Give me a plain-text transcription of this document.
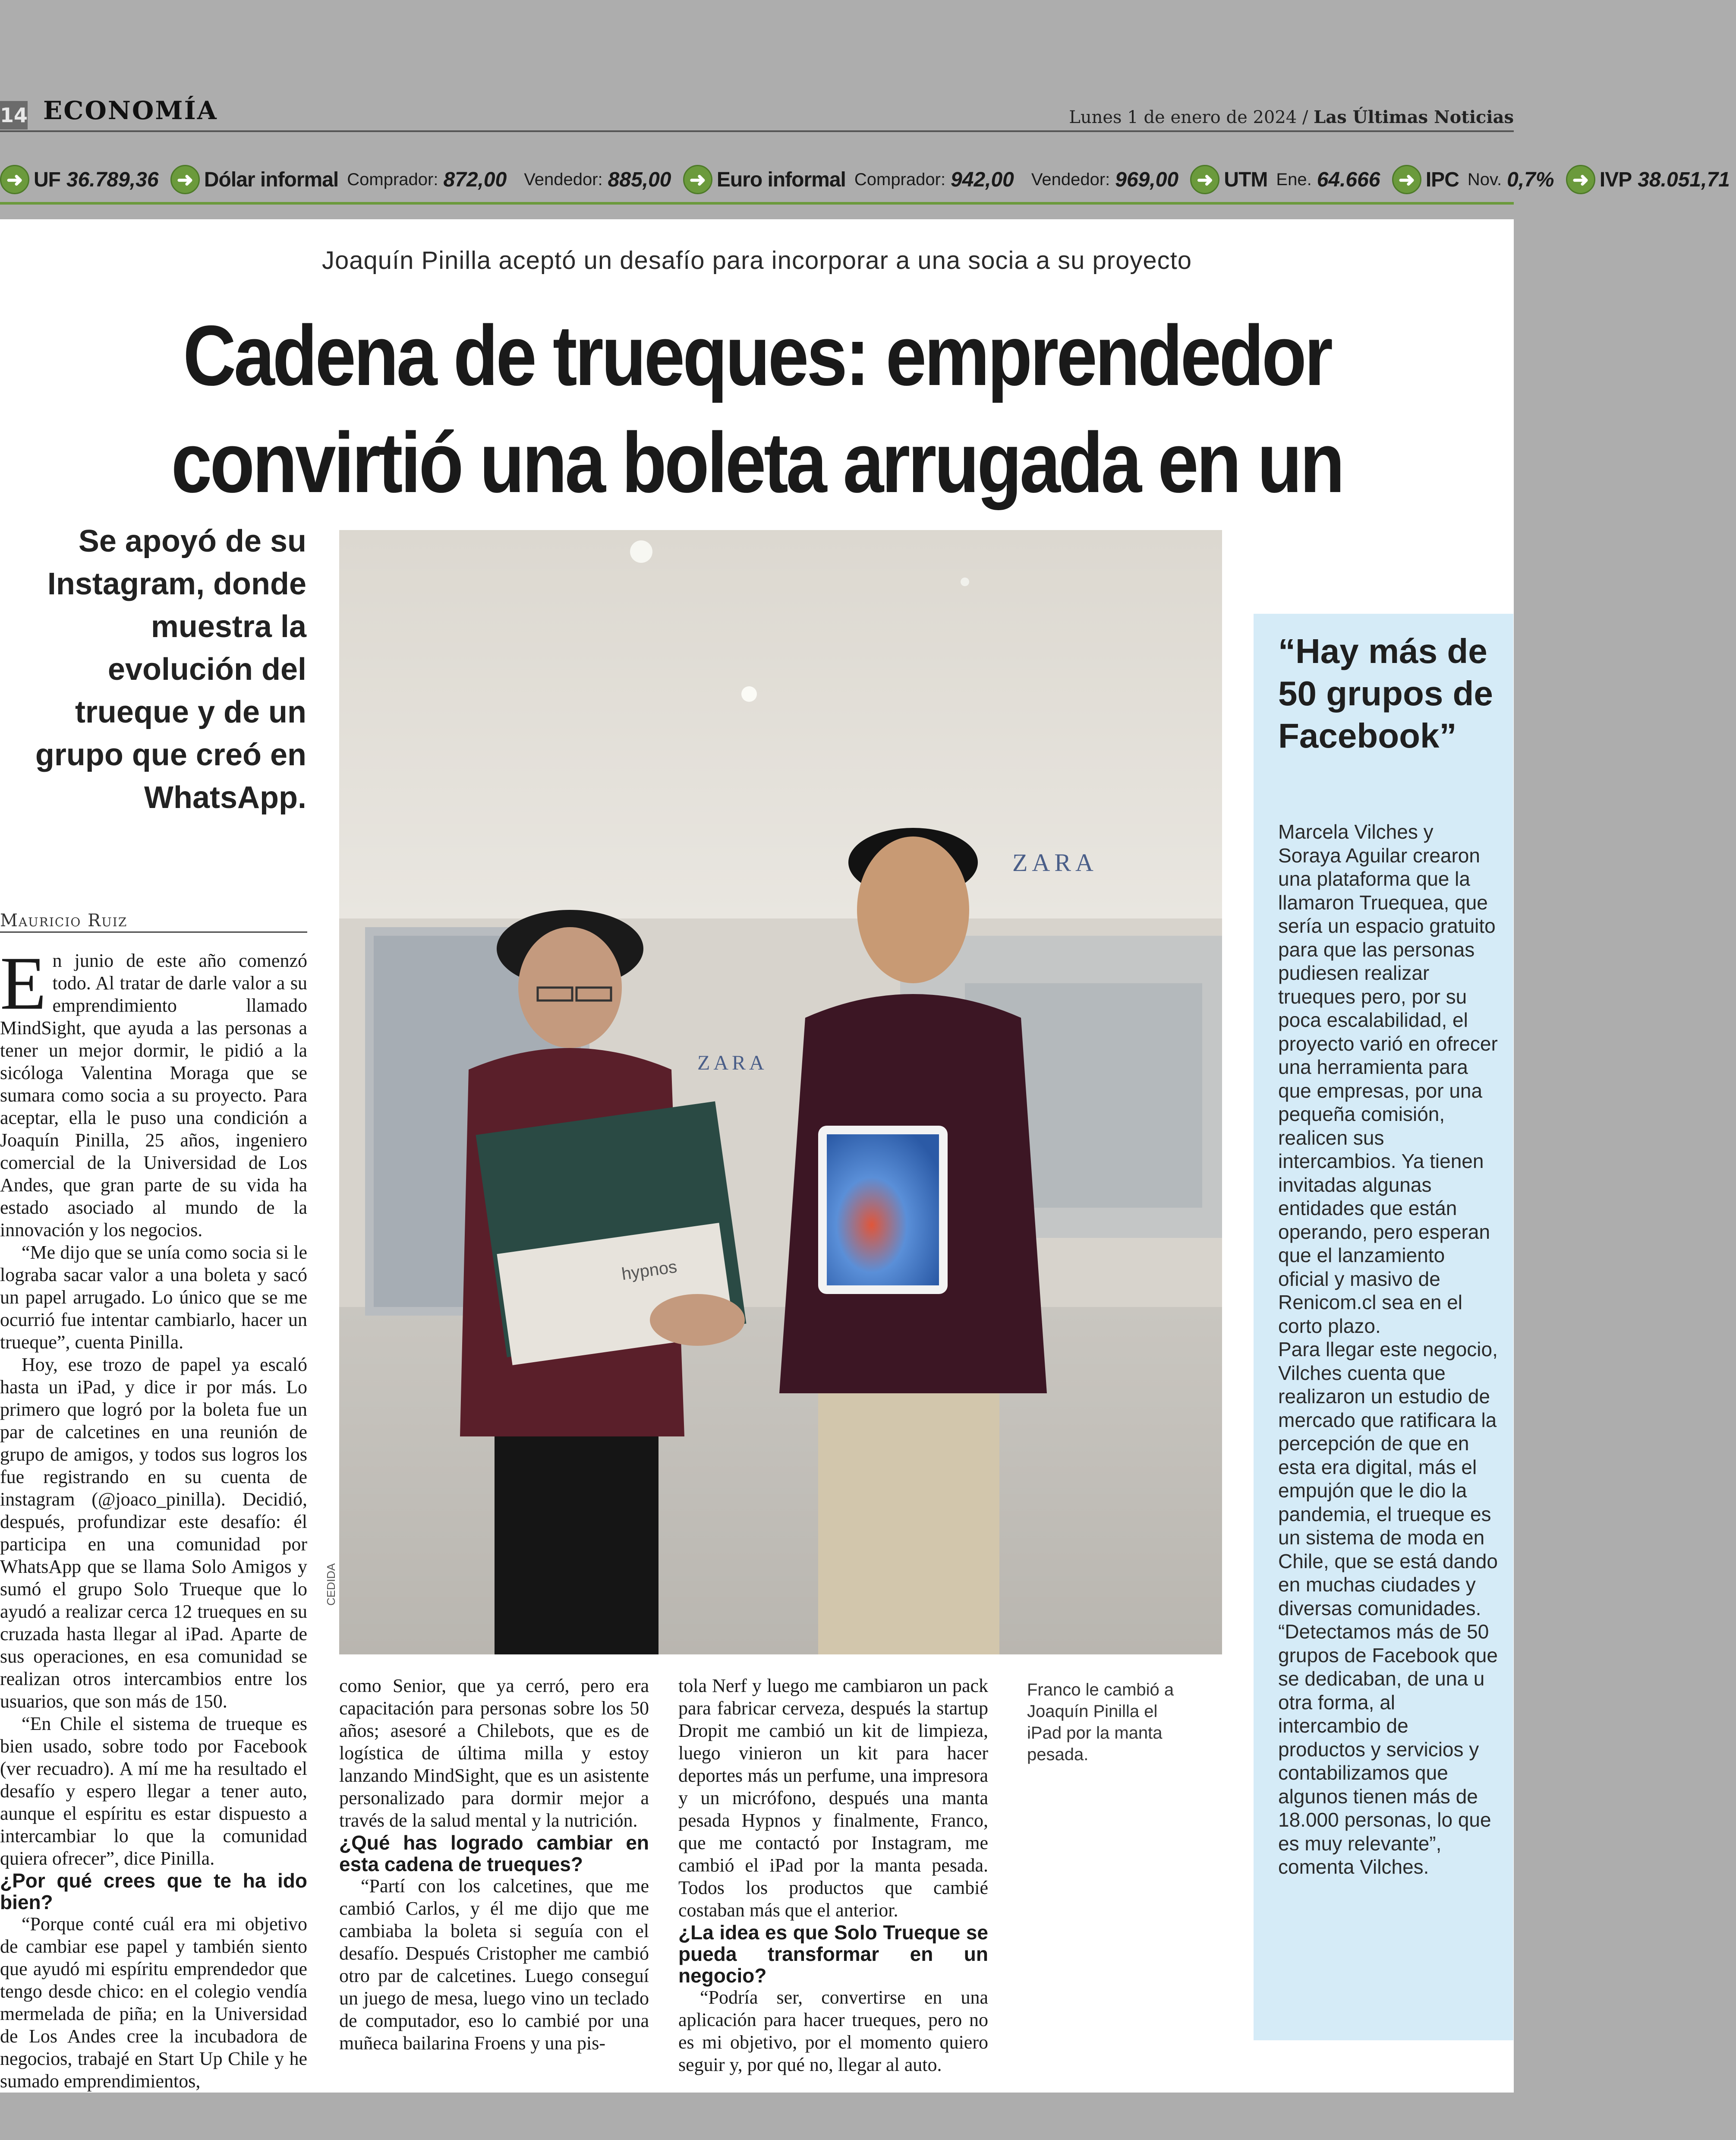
14 ECONOMÍA	Lunes 1 de enero de 2024 / Las Últimas Noticias
➜ UF 36.789,36
➜ Dólar informal Comprador: 872,00 Vendedor: 885,00
➜ Euro informal Comprador: 942,00 Vendedor: 969,00
➜ UTM Ene. 64.666
➜ IPC Nov. 0,7%
➜ IVP 38.051,71
Joaquín Pinilla aceptó un desafío para incorporar a una socia a su proyecto
Cadena de trueques: emprendedor
convirtió una boleta arrugada en un
Se apoyó de su Instagram, donde muestra la evolución del trueque y de un grupo que creó en WhatsApp.
Mauricio Ruiz

En junio de este año comenzó todo. Al tratar de darle valor a su emprendimiento llamado MindSight, que ayuda a las personas a tener un mejor dormir, le pidió a la sicóloga Valentina Moraga que se sumara como socia a su proyecto. Para aceptar, ella le puso una condición a Joaquín Pinilla, 25 años, ingeniero comercial de la Universidad de Los Andes, que gran parte de su vida ha estado asociado al mundo de la innovación y los negocios.

“Me dijo que se unía como socia si le lograba sacar valor a una boleta y sacó un papel arrugado. Lo único que se me ocurrió fue intentar cambiarlo, hacer un trueque”, cuenta Pinilla.

Hoy, ese trozo de papel ya escaló hasta un iPad, y dice ir por más. Lo primero que logró por la boleta fue un par de calcetines en una reunión de grupo de amigos, y todos sus logros los fue registrando en su cuenta de instagram (@joaco_pinilla). Decidió, después, profundizar este desafío: él participa en una comunidad por WhatsApp que se llama Solo Amigos y sumó el grupo Solo Trueque que lo ayudó a realizar cerca 12 trueques en su cruzada hasta llegar al iPad. Aparte de sus operaciones, en esa comunidad se realizan otros intercambios entre los usuarios, que son más de 150.

“En Chile el sistema de trueque es bien usado, sobre todo por Facebook (ver recuadro). A mí me ha resultado el desafío y espero llegar a tener auto, aunque el espíritu es estar dispuesto a intercambiar lo que la comunidad quiera ofrecer”, dice Pinilla.

¿Por qué crees que te ha ido bien?

“Porque conté cuál era mi objetivo de cambiar ese papel y también siento que ayudó mi espíritu emprendedor que tengo desde chico: en el colegio vendía mermelada de piña; en la Universidad de Los Andes cree la incubadora de negocios, trabajé en Start Up Chile y he sumado emprendimientos,

como Senior, que ya cerró, pero era capacitación para personas sobre los 50 años; asesoré a Chilebots, que es de logística de última milla y estoy lanzando MindSight, que es un asistente personalizado para dormir mejor a través de la salud mental y la nutrición.

¿Qué has logrado cambiar en esta cadena de trueques?

“Partí con los calcetines, que me cambió Carlos, y él me dijo que me cambiaba la boleta si seguía con el desafío. Después Cristopher me cambió otro par de calcetines. Luego conseguí un juego de mesa, luego vino un teclado de computador, eso lo cambié por una muñeca bailarina Froens y una pis-

tola Nerf y luego me cambiaron un pack para fabricar cerveza, después la startup Dropit me cambió un kit de limpieza, luego vinieron un kit para hacer deportes más un perfume, una impresora y un micrófono, después una manta pesada Hypnos y finalmente, Franco, que me contactó por Instagram, me cambió el iPad por la manta pesada. Todos los productos que cambié costaban más que el anterior.

¿La idea es que Solo Trueque se pueda transformar en un negocio?

“Podría ser, convertirse en una aplicación para hacer trueques, pero no es mi objetivo, por el momento quiero seguir y, por qué no, llegar al auto.

ZARA
ZARA
hypnos
CEDIDA
Franco le cambió a Joaquín Pinilla el iPad por la manta pesada.
“Hay más de 50 grupos de Facebook”

Marcela Vilches y Soraya Aguilar crearon una plataforma que la llamaron Truequea, que sería un espacio gratuito para que las personas pudiesen realizar trueques pero, por su poca escalabilidad, el proyecto varió en ofrecer una herramienta para que empresas, por una pequeña comisión, realicen sus intercambios. Ya tienen invitadas algunas entidades que están operando, pero esperan que el lanzamiento oficial y masivo de Renicom.cl sea en el corto plazo.

Para llegar este negocio, Vilches cuenta que realizaron un estudio de mercado que ratificara la percepción de que en esta era digital, más el empujón que le dio la pandemia, el trueque es un sistema de moda en Chile, que se está dando en muchas ciudades y diversas comunidades.

“Detectamos más de 50 grupos de Facebook que se dedicaban, de una u otra forma, al intercambio de productos y servicios y contabilizamos que algunos tienen más de 18.000 personas, lo que es muy relevante”, comenta Vilches.
